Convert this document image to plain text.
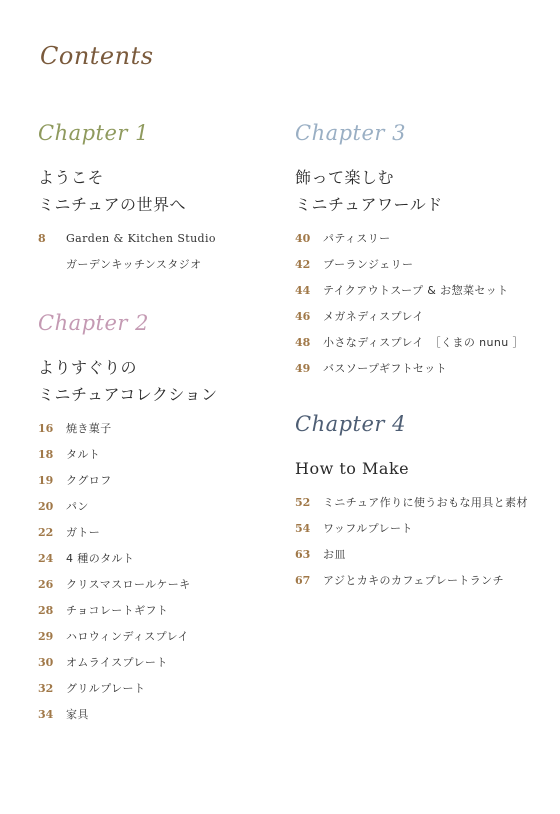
Contents
Chapter 1
ようこそ
ミニチュアの世界へ
8	Garden & Kitchen Studio
ガーデンキッチンスタジオ
Chapter 2
よりすぐりの
ミニチュアコレクション
16	焼き菓子
18	タルト
19	クグロフ
20	パン
22	ガトー
24	4 種のタルト
26	クリスマスロールケーキ
28	チョコレートギフト
29	ハロウィンディスプレイ
30	オムライスプレート
32	グリルプレート
34	家具
Chapter 3
飾って楽しむ
ミニチュアワールド
40	パティスリー
42	ブーランジェリー
44	テイクアウトスープ & お惣菜セット
46	メガネディスプレイ
48	小さなディスプレイ　［くまの nunu ］
49	バスソープギフトセット
Chapter 4
How to Make
52	ミニチュア作りに使うおもな用具と素材
54	ワッフルプレート
63	お皿
67	アジとカキのカフェプレートランチ
